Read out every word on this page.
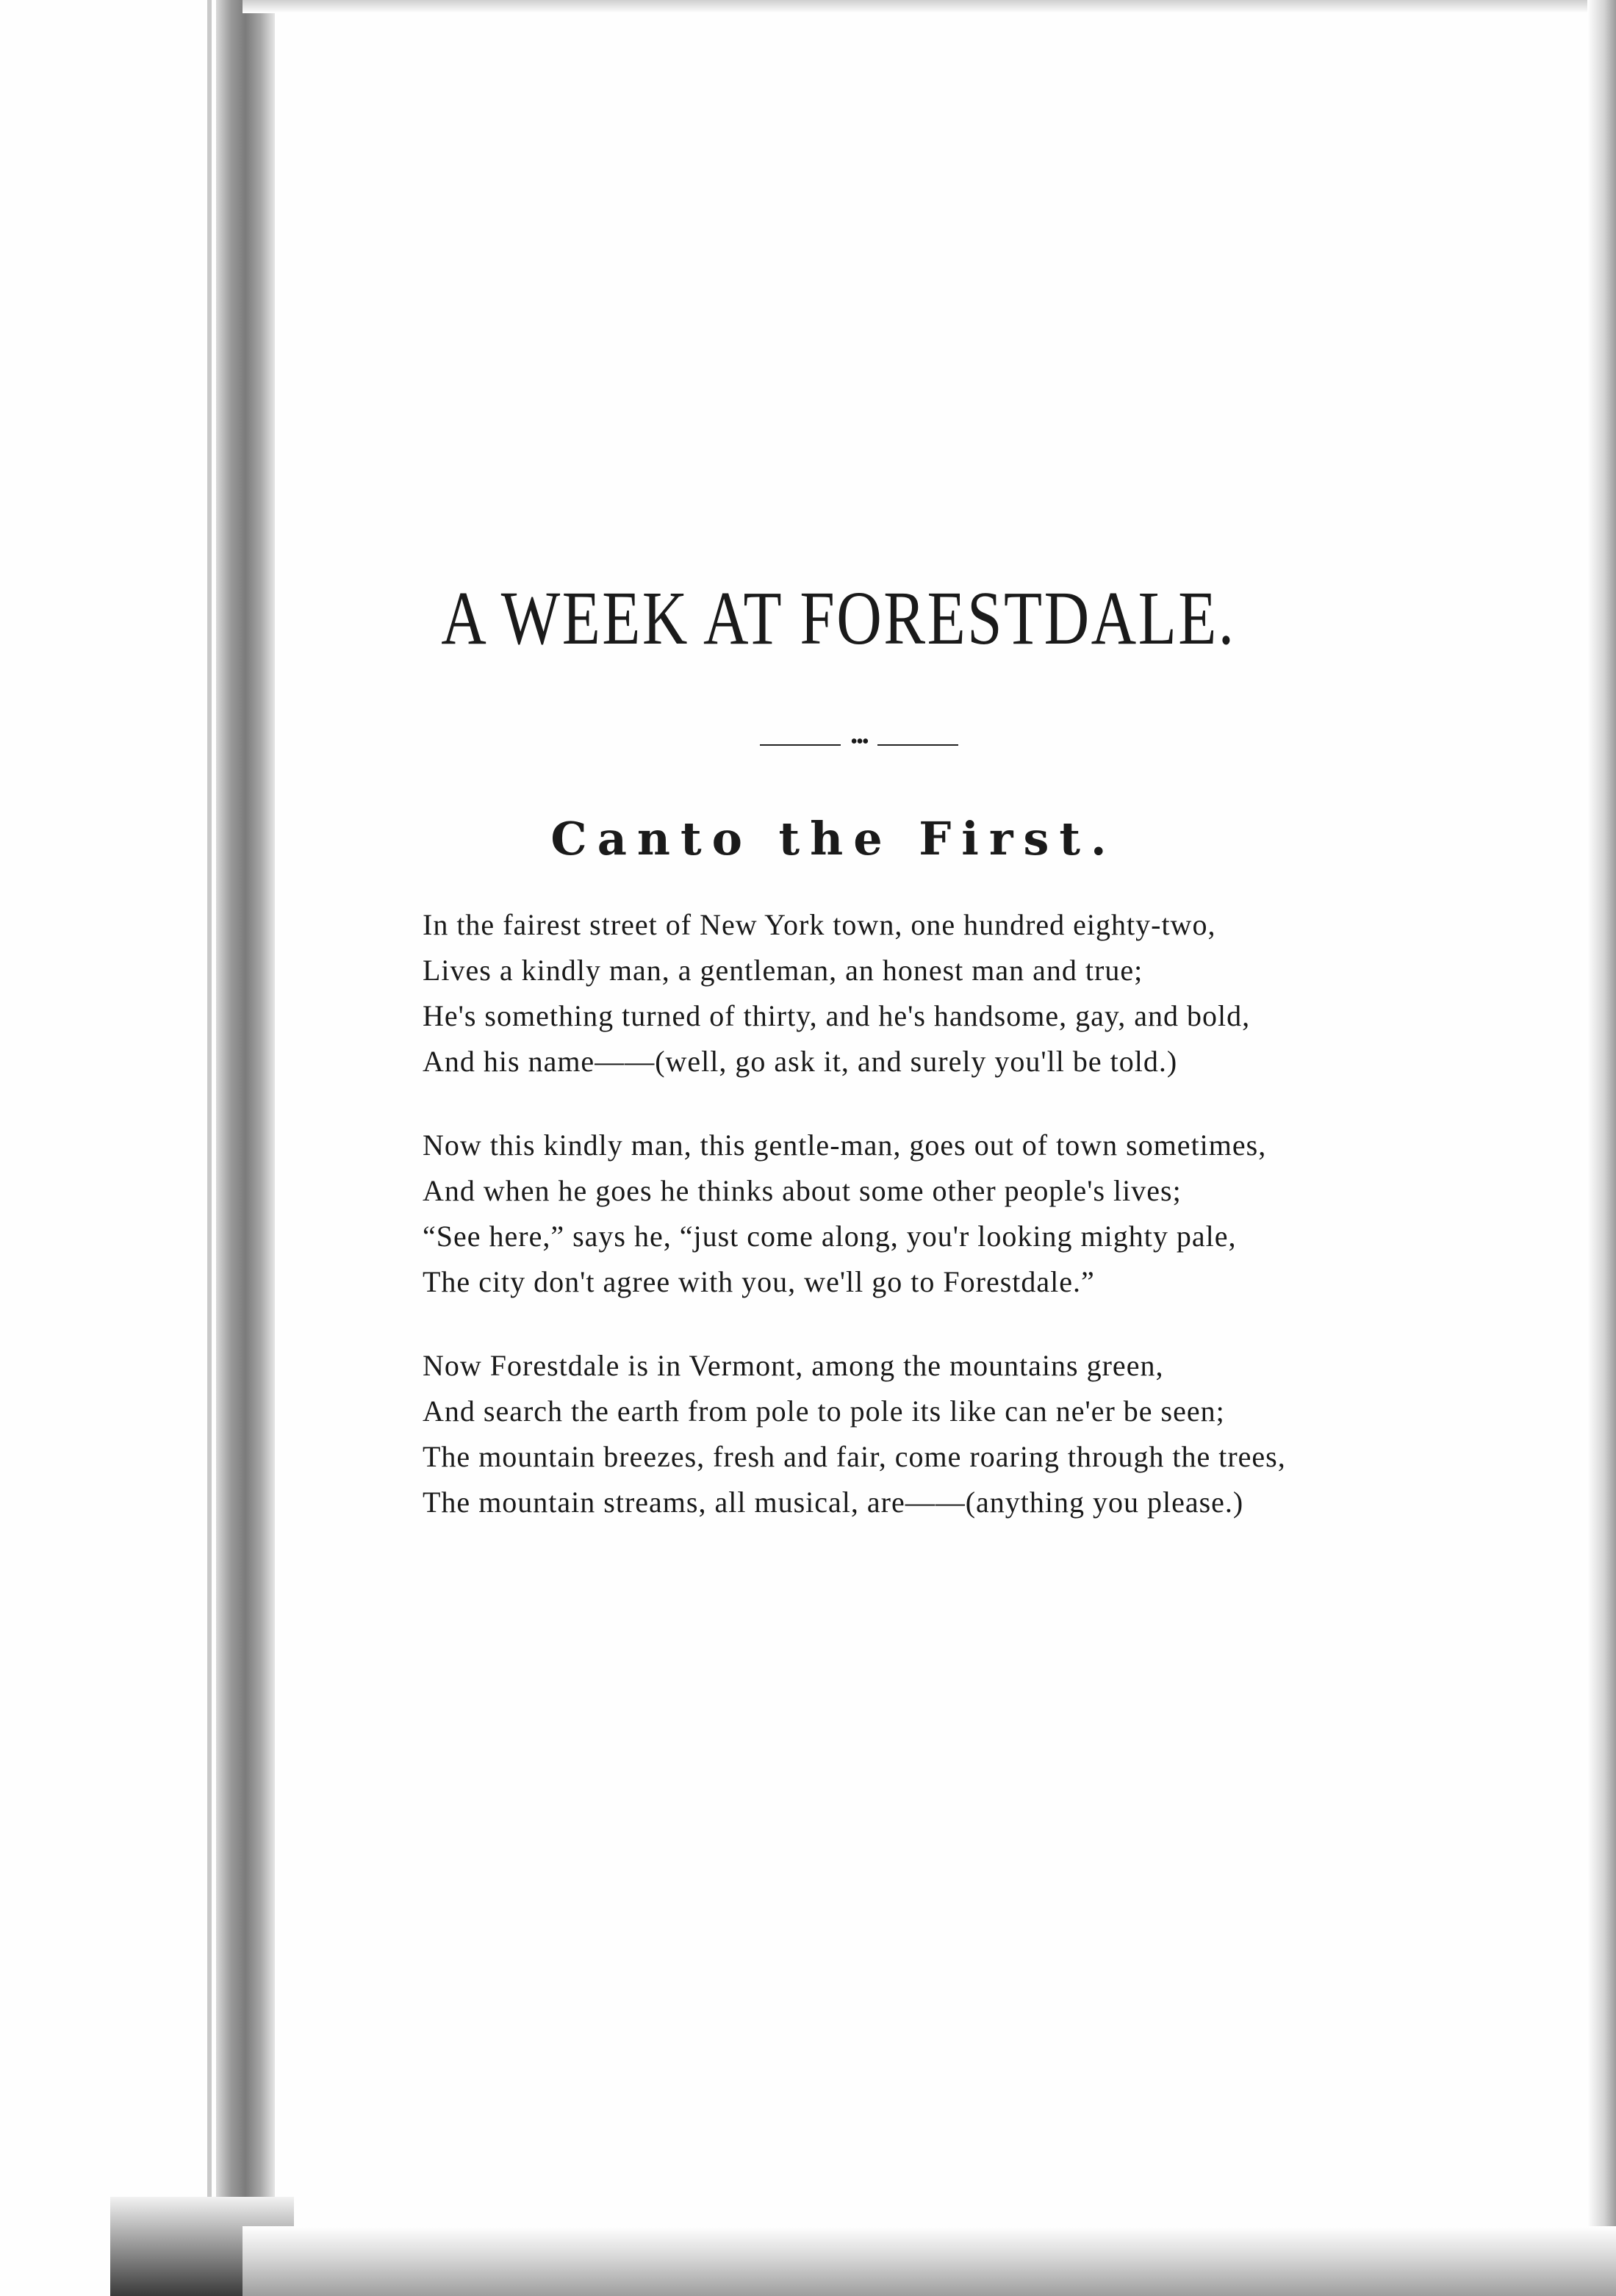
A WEEK AT FORESTDALE.
•••
Canto the First.
In the fairest street of New York town, one hundred eighty-two,
Lives a kindly man, a gentleman, an honest man and true;
He's something turned of thirty, and he's handsome, gay, and bold,
And his name——(well, go ask it, and surely you'll be told.)
Now this kindly man, this gentle-man, goes out of town sometimes,
And when he goes he thinks about some other people's lives;
“See here,” says he, “just come along, you'r looking mighty pale,
The city don't agree with you, we'll go to Forestdale.”
Now Forestdale is in Vermont, among the mountains green,
And search the earth from pole to pole its like can ne'er be seen;
The mountain breezes, fresh and fair, come roaring through the trees,
The mountain streams, all musical, are——(anything you please.)
